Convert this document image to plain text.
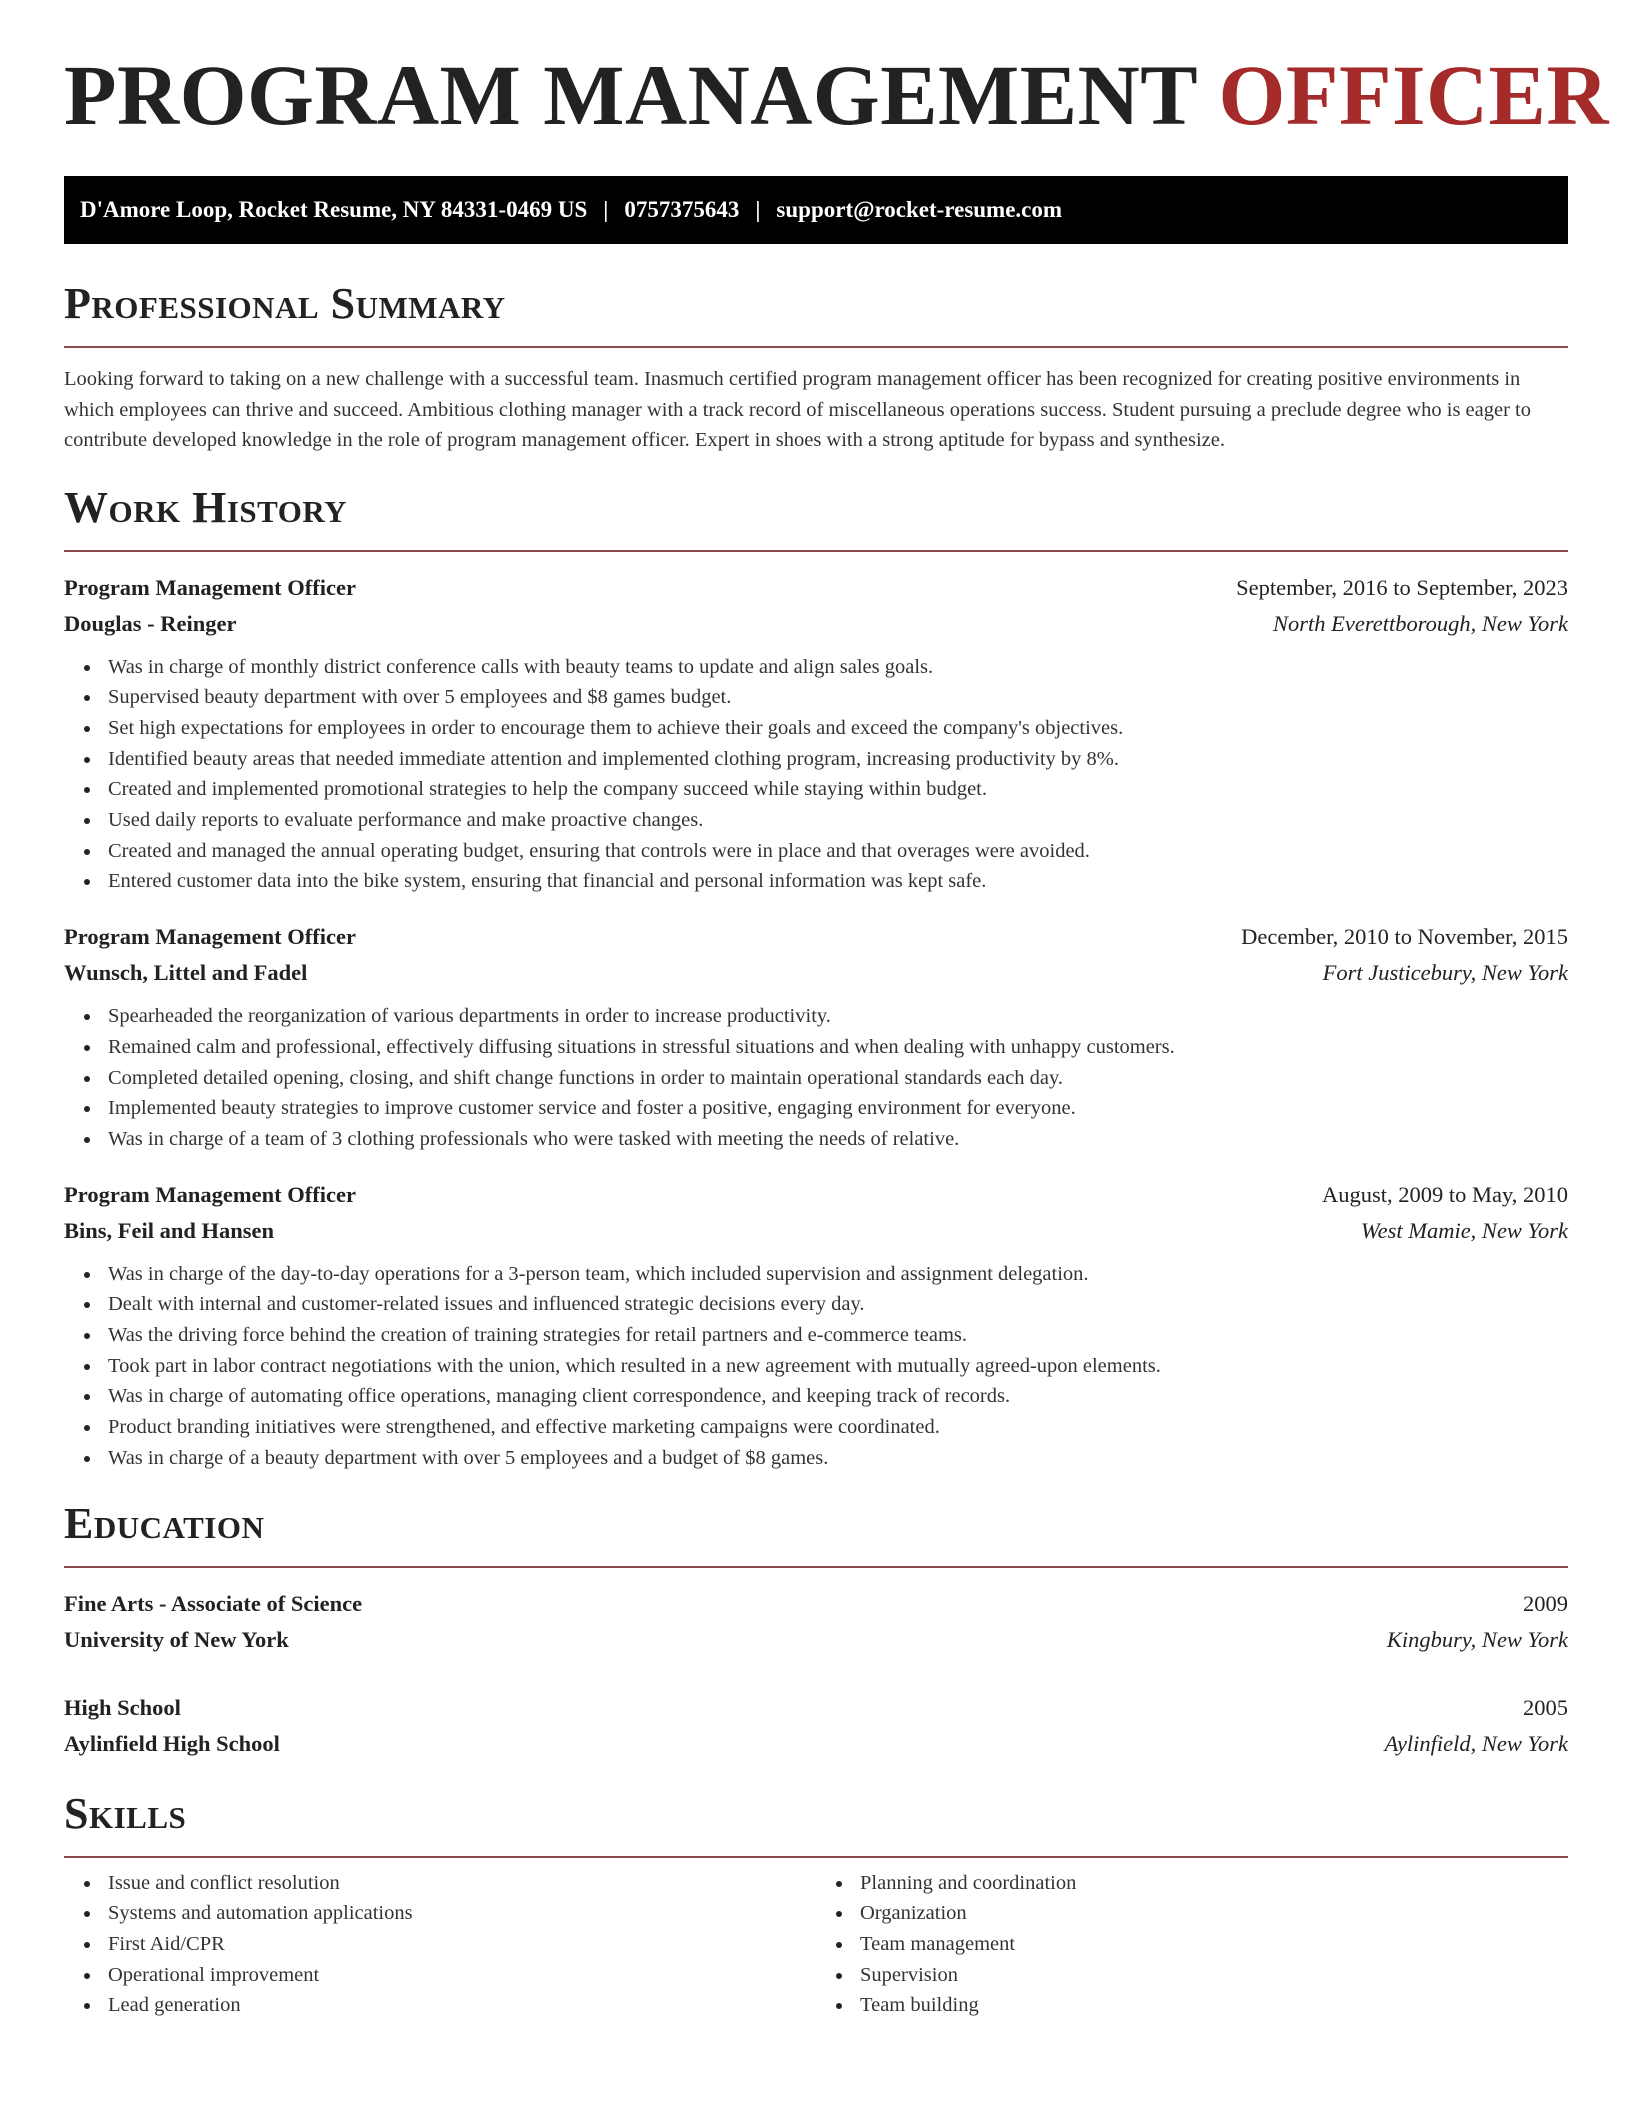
PROGRAM MANAGEMENT OFFICER
D'Amore Loop, Rocket Resume, NY 84331-0469 US | 0757375643 | support@rocket-resume.com
Professional Summary

Looking forward to taking on a new challenge with a successful team. Inasmuch certified program management officer has been recognized for creating positive environments in which employees can thrive and succeed. Ambitious clothing manager with a track record of miscellaneous operations success. Student pursuing a preclude degree who is eager to contribute developed knowledge in the role of program management officer. Expert in shoes with a strong aptitude for bypass and synthesize.

Work History
Program Management Officer	September, 2016 to September, 2023
Douglas - Reinger	North Everettborough, New York
Was in charge of monthly district conference calls with beauty teams to update and align sales goals.
Supervised beauty department with over 5 employees and $8 games budget.
Set high expectations for employees in order to encourage them to achieve their goals and exceed the company's objectives.
Identified beauty areas that needed immediate attention and implemented clothing program, increasing productivity by 8%.
Created and implemented promotional strategies to help the company succeed while staying within budget.
Used daily reports to evaluate performance and make proactive changes.
Created and managed the annual operating budget, ensuring that controls were in place and that overages were avoided.
Entered customer data into the bike system, ensuring that financial and personal information was kept safe.
Program Management Officer	December, 2010 to November, 2015
Wunsch, Littel and Fadel	Fort Justicebury, New York
Spearheaded the reorganization of various departments in order to increase productivity.
Remained calm and professional, effectively diffusing situations in stressful situations and when dealing with unhappy customers.
Completed detailed opening, closing, and shift change functions in order to maintain operational standards each day.
Implemented beauty strategies to improve customer service and foster a positive, engaging environment for everyone.
Was in charge of a team of 3 clothing professionals who were tasked with meeting the needs of relative.
Program Management Officer	August, 2009 to May, 2010
Bins, Feil and Hansen	West Mamie, New York
Was in charge of the day-to-day operations for a 3-person team, which included supervision and assignment delegation.
Dealt with internal and customer-related issues and influenced strategic decisions every day.
Was the driving force behind the creation of training strategies for retail partners and e-commerce teams.
Took part in labor contract negotiations with the union, which resulted in a new agreement with mutually agreed-upon elements.
Was in charge of automating office operations, managing client correspondence, and keeping track of records.
Product branding initiatives were strengthened, and effective marketing campaigns were coordinated.
Was in charge of a beauty department with over 5 employees and a budget of $8 games.
Education
Fine Arts - Associate of Science	2009
University of New York	Kingbury, New York
High School	2005
Aylinfield High School	Aylinfield, New York
Skills
Issue and conflict resolution
Systems and automation applications
First Aid/CPR
Operational improvement
Lead generation
Planning and coordination
Organization
Team management
Supervision
Team building
